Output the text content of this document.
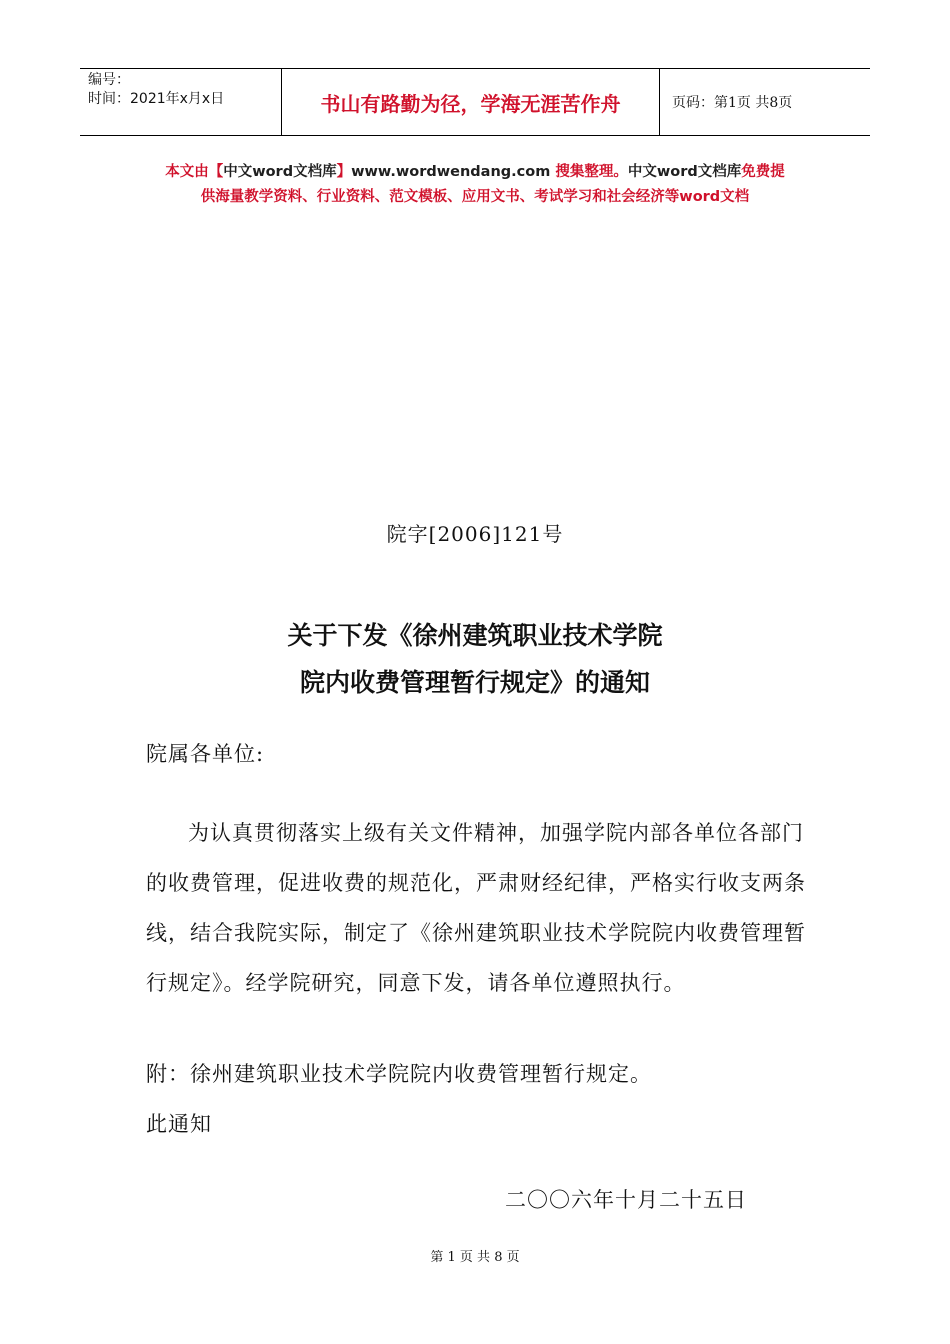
编号：
时间：2021年x月x日	书山有路勤为径，学海无涯苦作舟	页码：第1页 共8页
本文由【中文word文档库】www.wordwendang.com 搜集整理。中文word文档库免费提
供海量教学资料、行业资料、范文模板、应用文书、考试学习和社会经济等word文档
院字[2006]121号
关于下发《徐州建筑职业技术学院
院内收费管理暂行规定》的通知
院属各单位:
为认真贯彻落实上级有关文件精神，加强学院内部各单位各部门的收费管理，促进收费的规范化，严肃财经纪律，严格实行收支两条线，结合我院实际，制定了《徐州建筑职业技术学院院内收费管理暂行规定》。经学院研究，同意下发，请各单位遵照执行。
附：徐州建筑职业技术学院院内收费管理暂行规定。
此通知
二〇〇六年十月二十五日
第 1 页 共 8 页
